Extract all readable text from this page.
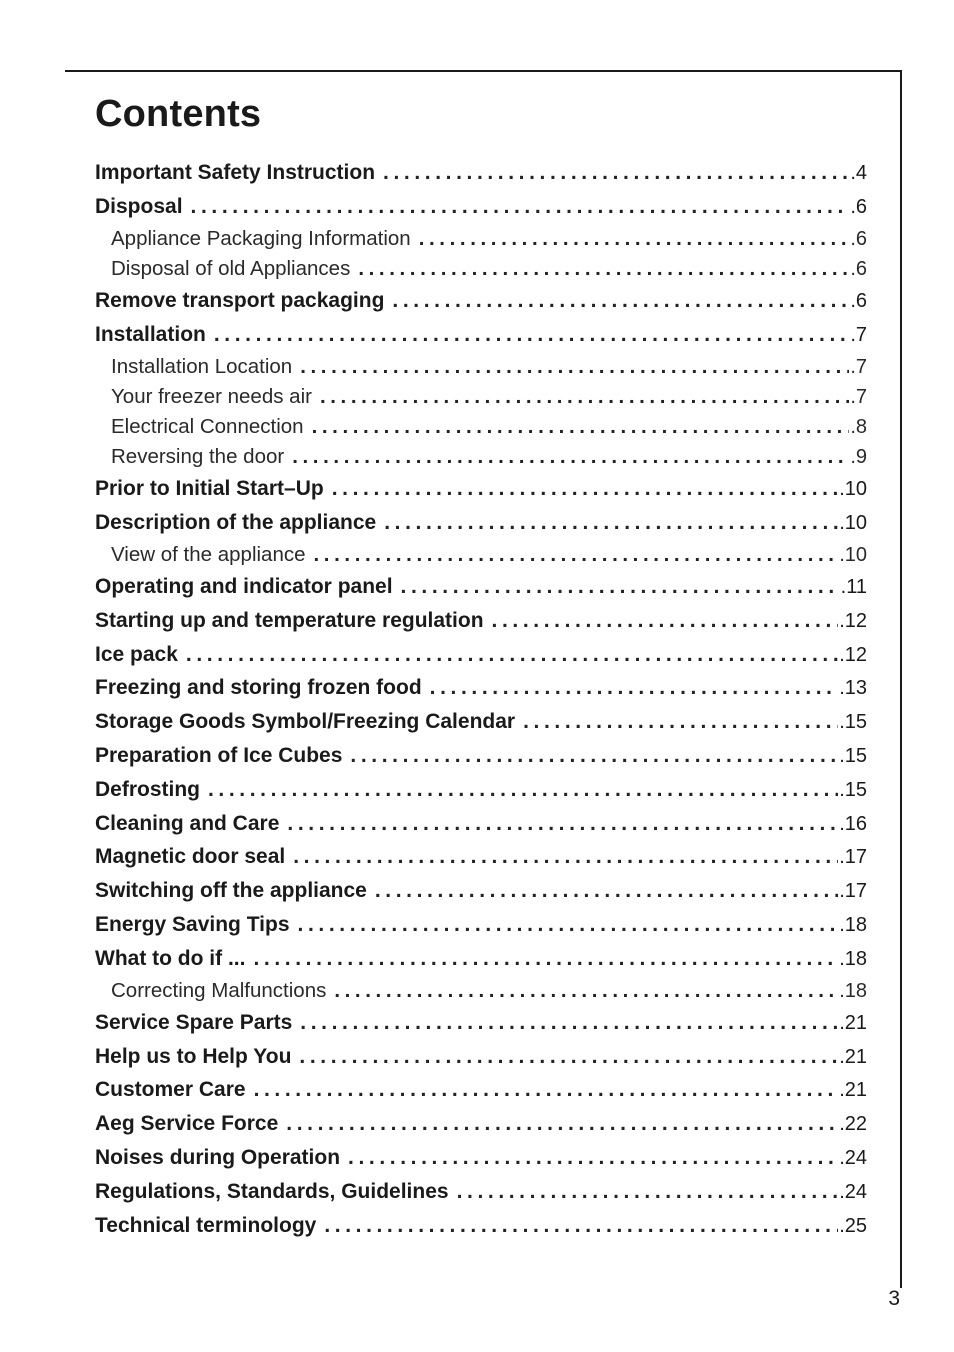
Contents
Important Safety Instruction .....	.4
Disposal .....	.6
Appliance Packaging Information .....	.6
Disposal of old Appliances .....	.6
Remove transport packaging .....	.6
Installation .....	.7
Installation Location .....	.7
Your freezer needs air .....	.7
Electrical Connection .....	.8
Reversing the door .....	.9
Prior to Initial Start–Up .....	.10
Description of the appliance .....	.10
View of the appliance .....	.10
Operating and indicator panel .....	.11
Starting up and temperature regulation .....	.12
Ice pack .....	.12
Freezing and storing frozen food .....	.13
Storage Goods Symbol/Freezing Calendar .....	.15
Preparation of Ice Cubes .....	.15
Defrosting .....	.15
Cleaning and Care .....	.16
Magnetic door seal .....	.17
Switching off the appliance .....	.17
Energy Saving Tips .....	.18
What to do if ... .....	.18
Correcting Malfunctions .....	.18
Service Spare Parts .....	.21
Help us to Help You .....	.21
Customer Care .....	.21
Aeg Service Force .....	.22
Noises during Operation .....	.24
Regulations, Standards, Guidelines .....	.24
Technical terminology .....	.25
3
